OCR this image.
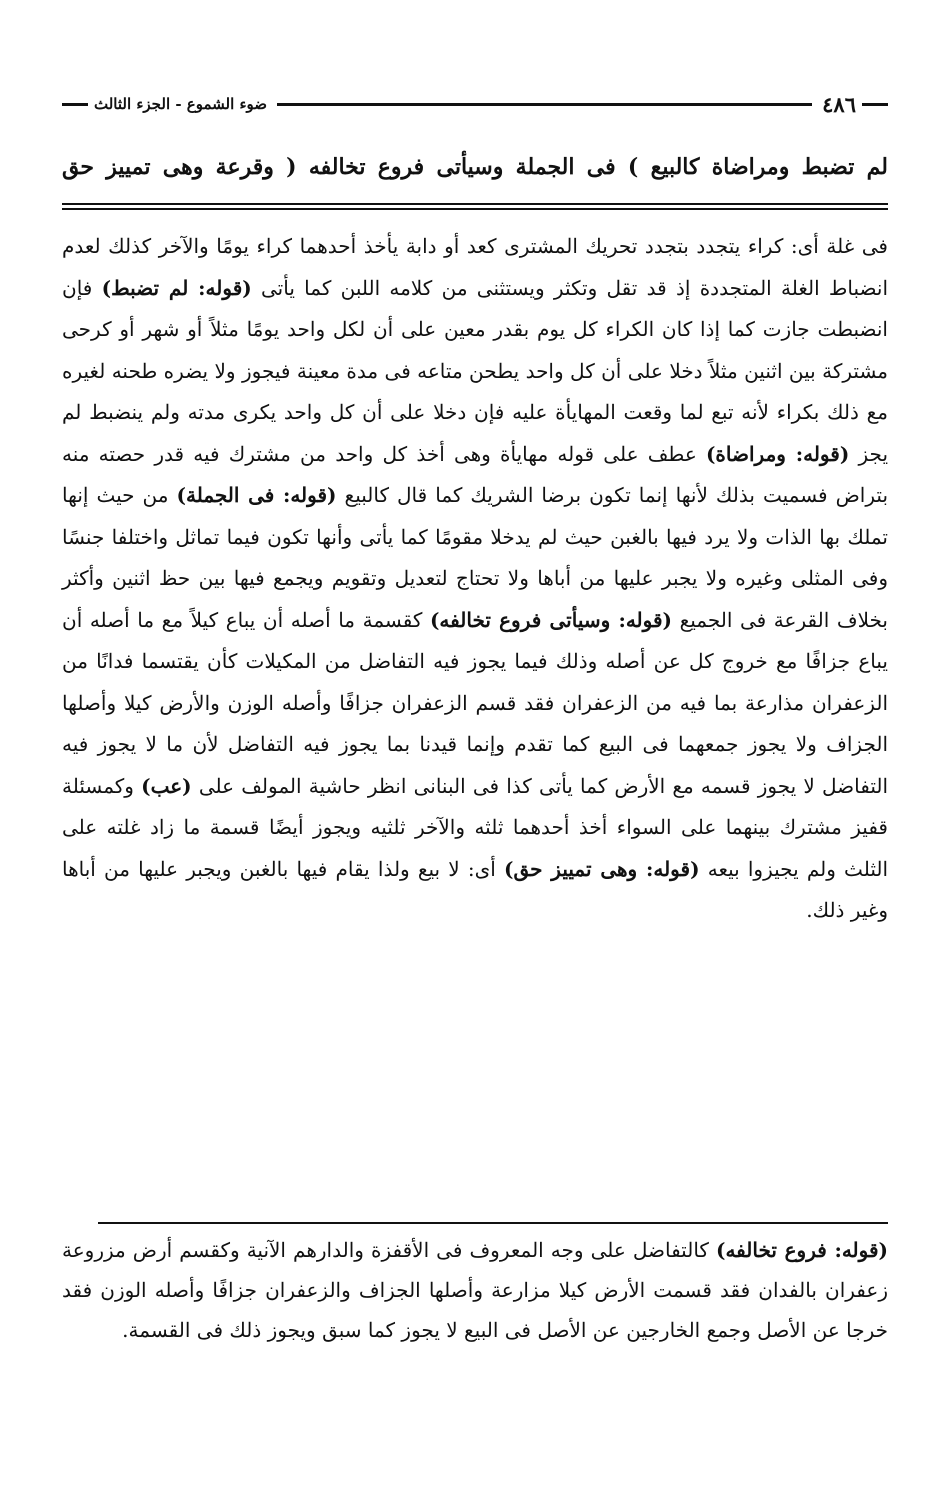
٤٨٦
ضوء الشموع - الجزء الثالث
لم تضبط ومراضاة كالبيع ) فى الجملة وسيأتى فروع تخالفه ( وقرعة وهى تمييز حق

فى غلة أى: كراء يتجدد بتجدد تحريك المشترى كعد أو دابة يأخذ أحدهما كراء يومًا والآخر كذلك لعدم انضباط الغلة المتجددة إذ قد تقل وتكثر ويستثنى من كلامه اللبن كما يأتى (قوله: لم تضبط) فإن انضبطت جازت كما إذا كان الكراء كل يوم بقدر معين على أن لكل واحد يومًا مثلاً أو شهر أو كرحى مشتركة بين اثنين مثلاً دخلا على أن كل واحد يطحن متاعه فى مدة معينة فيجوز ولا يضره طحنه لغيره مع ذلك بكراء لأنه تبع لما وقعت المهايأة عليه فإن دخلا على أن كل واحد يكرى مدته ولم ينضبط لم يجز (قوله: ومراضاة) عطف على قوله مهايأة وهى أخذ كل واحد من مشترك فيه قدر حصته منه بتراض فسميت بذلك لأنها إنما تكون برضا الشريك كما قال كالبيع (قوله: فى الجملة) من حيث إنها تملك بها الذات ولا يرد فيها بالغبن حيث لم يدخلا مقومًا كما يأتى وأنها تكون فيما تماثل واختلفا جنسًا وفى المثلى وغيره ولا يجبر عليها من أباها ولا تحتاج لتعديل وتقويم ويجمع فيها بين حظ اثنين وأكثر بخلاف القرعة فى الجميع (قوله: وسيأتى فروع تخالفه) كقسمة ما أصله أن يباع كيلاً مع ما أصله أن يباع جزافًا مع خروج كل عن أصله وذلك فيما يجوز فيه التفاضل من المكيلات كأن يقتسما فدانًا من الزعفران مذارعة بما فيه من الزعفران فقد قسم الزعفران جزافًا وأصله الوزن والأرض كيلا وأصلها الجزاف ولا يجوز جمعهما فى البيع كما تقدم وإنما قيدنا بما يجوز فيه التفاضل لأن ما لا يجوز فيه التفاضل لا يجوز قسمه مع الأرض كما يأتى كذا فى البنانى انظر حاشية المولف على (عب) وكمسئلة قفيز مشترك بينهما على السواء أخذ أحدهما ثلثه والآخر ثلثيه ويجوز أيضًا قسمة ما زاد غلته على الثلث ولم يجيزوا بيعه (قوله: وهى تمييز حق) أى: لا بيع ولذا يقام فيها بالغبن ويجبر عليها من أباها وغير ذلك.

(قوله: فروع تخالفه) كالتفاضل على وجه المعروف فى الأقفزة والدارهم الآنية وكقسم أرض مزروعة زعفران بالفدان فقد قسمت الأرض كيلا مزارعة وأصلها الجزاف والزعفران جزافًا وأصله الوزن فقد خرجا عن الأصل وجمع الخارجين عن الأصل فى البيع لا يجوز كما سبق ويجوز ذلك فى القسمة.
